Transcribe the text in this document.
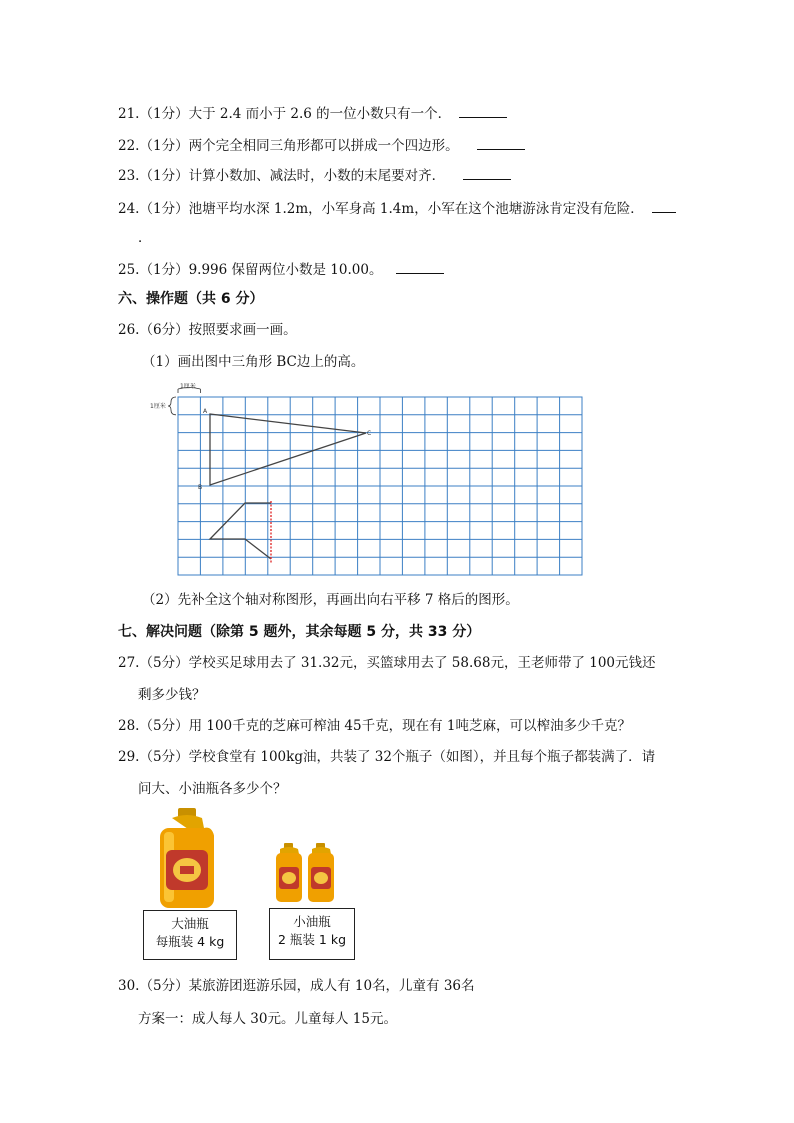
21.（1分）大于 2.4 而小于 2.6 的一位小数只有一个．
22.（1分）两个完全相同三角形都可以拼成一个四边形。
23.（1分）计算小数加、减法时，小数的末尾要对齐．
24.（1分）池塘平均水深 1.2m，小军身高 1.4m，小军在这个池塘游泳肯定没有危险．
．
25.（1分）9.996 保留两位小数是 10.00。
六、操作题（共 6 分）
26.（6分）按照要求画一画。
（1）画出图中三角形 BC边上的高。
1厘米
1厘米
A
B
C
（2）先补全这个轴对称图形，再画出向右平移 7 格后的图形。
七、解决问题（除第 5 题外，其余每题 5 分，共 33 分）
27.（5分）学校买足球用去了 31.32元，买篮球用去了 58.68元，王老师带了 100元钱还
剩多少钱？
28.（5分）用 100千克的芝麻可榨油 45千克，现在有 1吨芝麻，可以榨油多少千克？
29.（5分）学校食堂有 100kg油，共装了 32个瓶子（如图），并且每个瓶子都装满了．请
问大、小油瓶各多少个？
大油瓶
每瓶装 4 kg
小油瓶
2 瓶装 1 kg
30.（5分）某旅游团逛游乐园，成人有 10名，儿童有 36名
方案一：成人每人 30元。儿童每人 15元。
